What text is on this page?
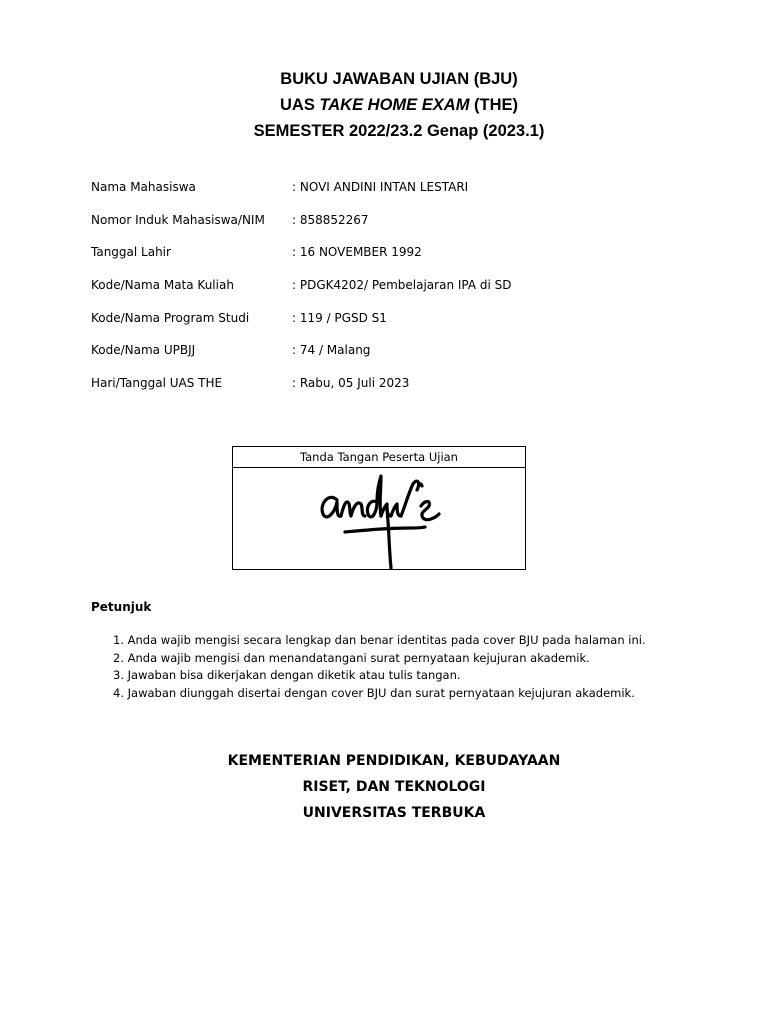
BUKU JAWABAN UJIAN (BJU)
UAS TAKE HOME EXAM (THE)
SEMESTER 2022/23.2 Genap (2023.1)
Nama Mahasiswa	: NOVI ANDINI INTAN LESTARI
Nomor Induk Mahasiswa/NIM : 858852267
Tanggal Lahir	: 16 NOVEMBER 1992
Kode/Nama Mata Kuliah	: PDGK4202/ Pembelajaran IPA di SD
Kode/Nama Program Studi	: 119 / PGSD S1
Kode/Nama UPBJJ	: 74 / Malang
Hari/Tanggal UAS THE	: Rabu, 05 Juli 2023
Tanda Tangan Peserta Ujian
Petunjuk
1. Anda wajib mengisi secara lengkap dan benar identitas pada cover BJU pada halaman ini.
2. Anda wajib mengisi dan menandatangani surat pernyataan kejujuran akademik.
3. Jawaban bisa dikerjakan dengan diketik atau tulis tangan.
4. Jawaban diunggah disertai dengan cover BJU dan surat pernyataan kejujuran akademik.
KEMENTERIAN PENDIDIKAN, KEBUDAYAAN
RISET, DAN TEKNOLOGI
UNIVERSITAS TERBUKA
